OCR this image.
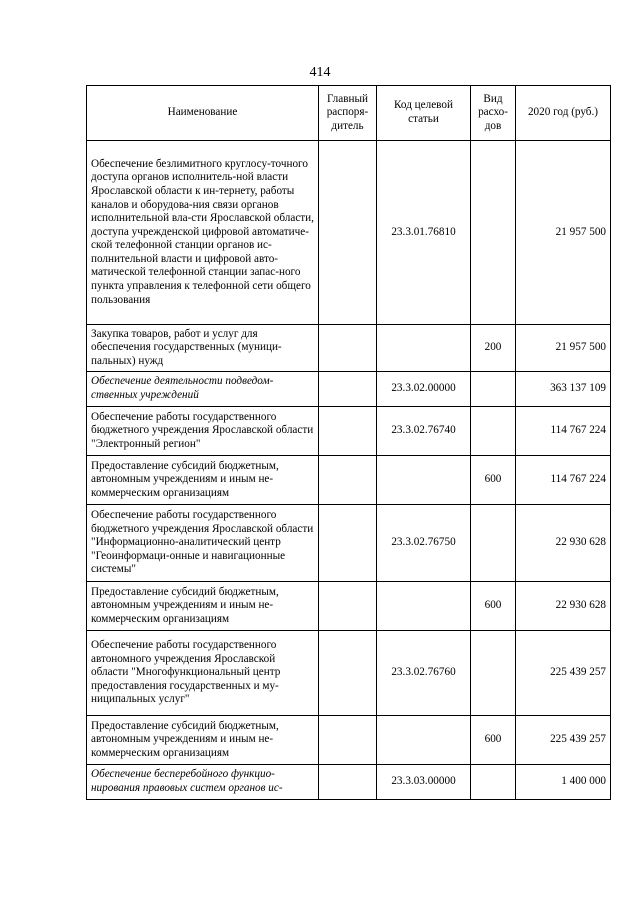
414
Наименование	Главный распоря-дитель	Код целевой статьи	Вид расхо-дов	2020 год (руб.)
Обеспечение безлимитного круглосу-точного доступа органов исполнитель-ной власти Ярославской области к ин-тернету, работы каналов и оборудова-ния связи органов исполнительной вла-сти Ярославской области, доступа учрежденской цифровой автоматиче-ской телефонной станции органов ис-полнительной власти и цифровой авто-матической телефонной станции запас-ного пункта управления к телефонной сети общего пользования		23.3.01.76810		21 957 500
Закупка товаров, работ и услуг для обеспечения государственных (муници-пальных) нужд			200	21 957 500
Обеспечение деятельности подведом-ственных учреждений		23.3.02.00000		363 137 109
Обеспечение работы государственного бюджетного учреждения Ярославской области "Электронный регион"		23.3.02.76740		114 767 224
Предоставление субсидий бюджетным, автономным учреждениям и иным не-коммерческим организациям			600	114 767 224
Обеспечение работы государственного бюджетного учреждения Ярославской области "Информационно-аналитический центр "Геоинформаци-онные и навигационные системы"		23.3.02.76750		22 930 628
Предоставление субсидий бюджетным, автономным учреждениям и иным не-коммерческим организациям			600	22 930 628
Обеспечение работы государственного автономного учреждения Ярославской области "Многофункциональный центр предоставления государственных и му-ниципальных услуг"		23.3.02.76760		225 439 257
Предоставление субсидий бюджетным, автономным учреждениям и иным не-коммерческим организациям			600	225 439 257
Обеспечение бесперебойного функцио-нирования правовых систем органов ис-		23.3.03.00000		1 400 000
